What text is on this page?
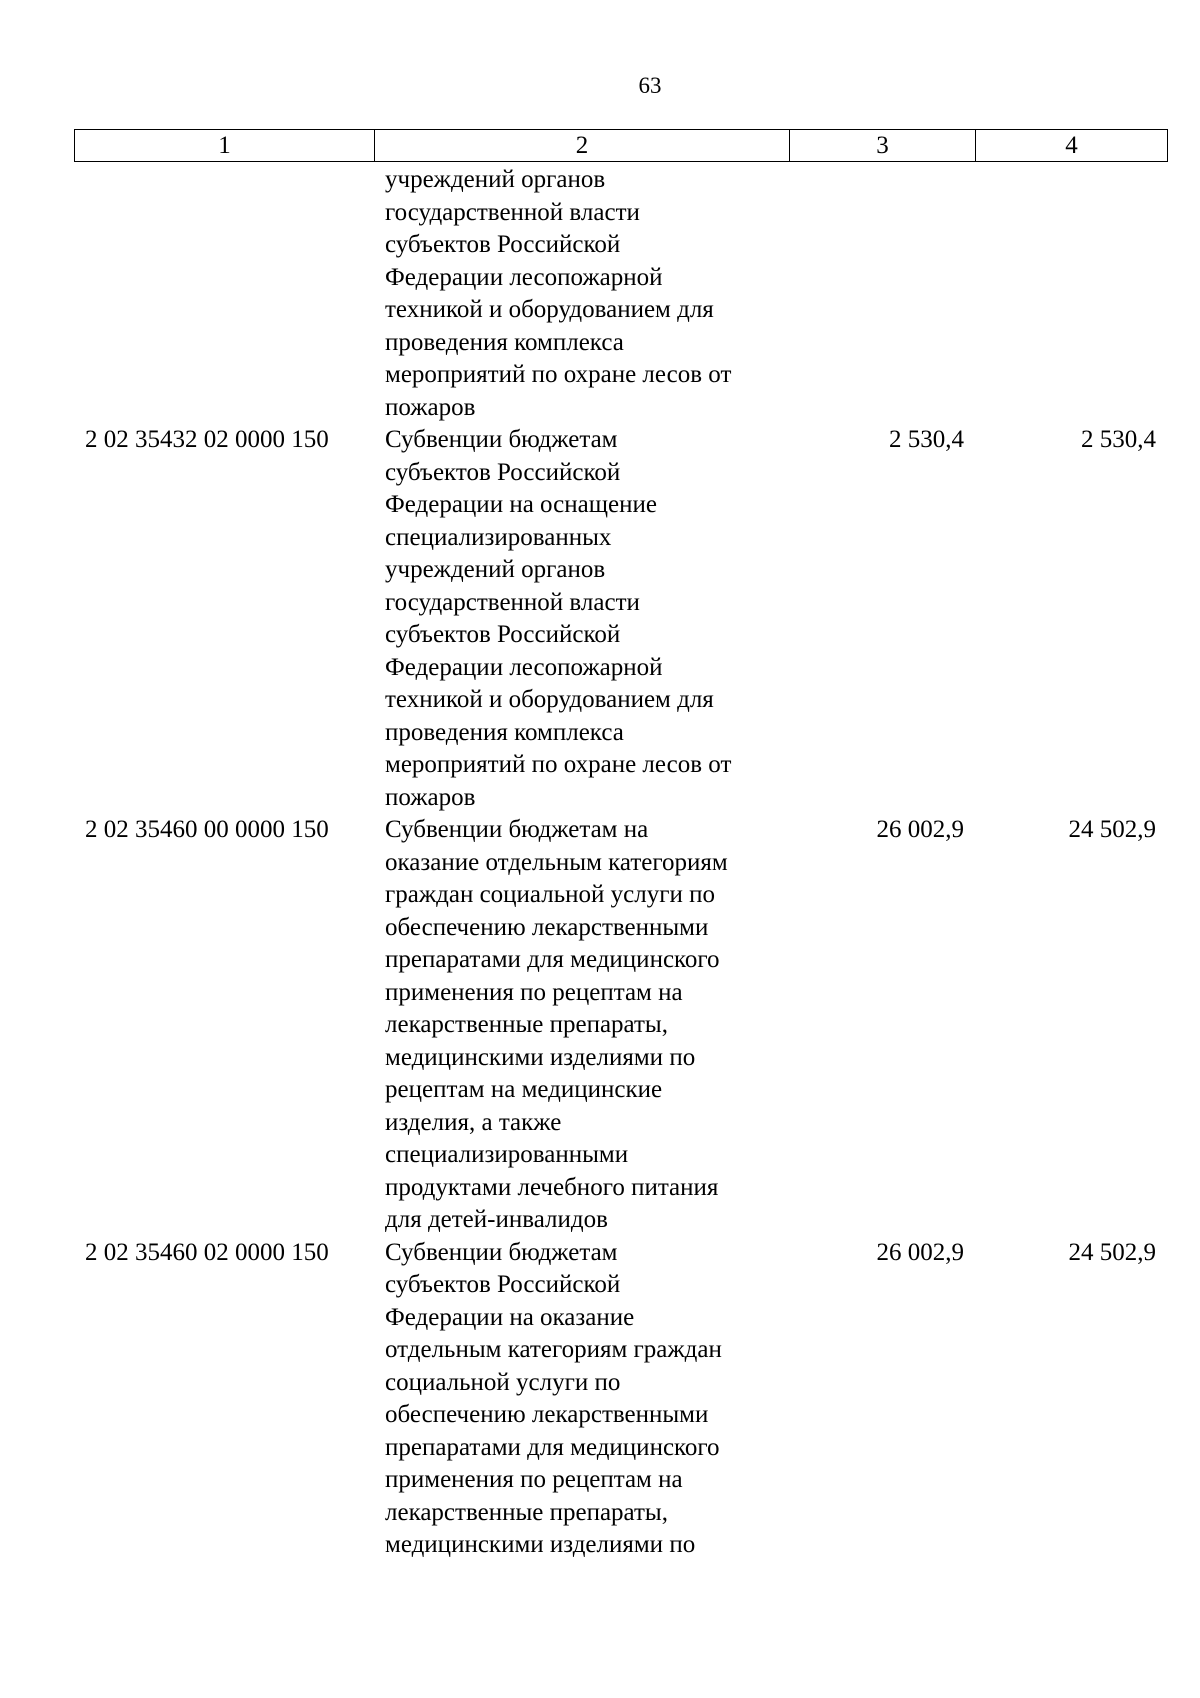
63
1	2	3	4
учреждений органов
государственной власти
субъектов Российской
Федерации лесопожарной
техникой и оборудованием для
проведения комплекса
мероприятий по охране лесов от
пожаров
2 02 35432 02 0000 150	Субвенции бюджетам
субъектов Российской
Федерации на оснащение
специализированных
учреждений органов
государственной власти
субъектов Российской
Федерации лесопожарной
техникой и оборудованием для
проведения комплекса
мероприятий по охране лесов от
пожаров
2 530,4	2 530,4
2 02 35460 00 0000 150	Субвенции бюджетам на
оказание отдельным категориям
граждан социальной услуги по
обеспечению лекарственными
препаратами для медицинского
применения по рецептам на
лекарственные препараты,
медицинскими изделиями по
рецептам на медицинские
изделия, а также
специализированными
продуктами лечебного питания
для детей-инвалидов
26 002,9	24 502,9
2 02 35460 02 0000 150	Субвенции бюджетам
субъектов Российской
Федерации на оказание
отдельным категориям граждан
социальной услуги по
обеспечению лекарственными
препаратами для медицинского
применения по рецептам на
лекарственные препараты,
медицинскими изделиями по
26 002,9	24 502,9
